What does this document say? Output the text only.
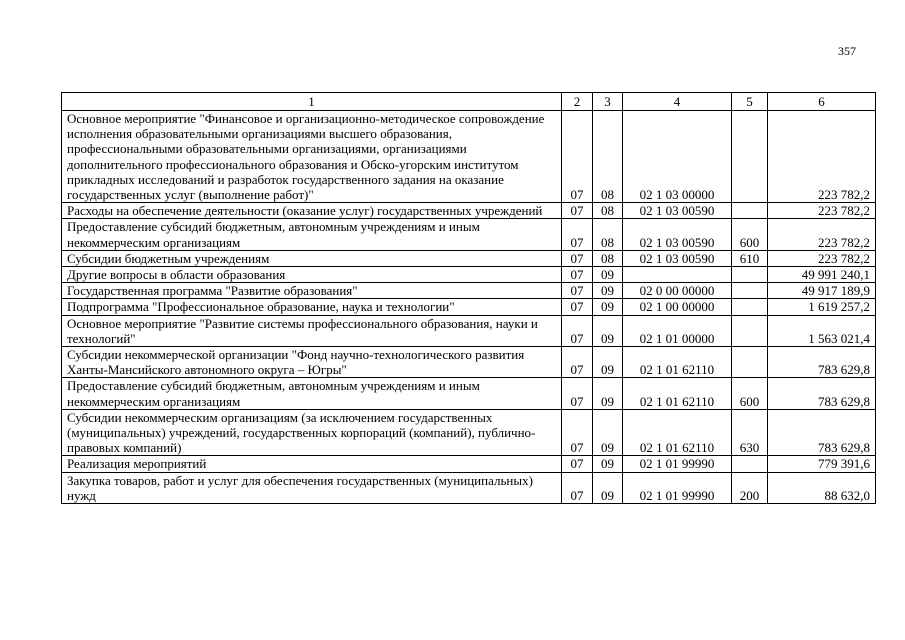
357
1	2	3	4	5	6
Основное мероприятие "Финансовое и организационно-методическое сопровождение исполнения образовательными организациями высшего образования, профессиональными образовательными организациями, организациями дополнительного профессионального образования и Обско-угорским институтом прикладных исследований и разработок государственного задания на оказание государственных услуг (выполнение работ)"	07	08	02 1 03 00000		223 782,2
Расходы на обеспечение деятельности (оказание услуг) государственных учреждений	07	08	02 1 03 00590		223 782,2
Предоставление субсидий бюджетным, автономным учреждениям и иным некоммерческим организациям	07	08	02 1 03 00590	600	223 782,2
Субсидии бюджетным учреждениям	07	08	02 1 03 00590	610	223 782,2
Другие вопросы в области образования	07	09			49 991 240,1
Государственная программа "Развитие образования"	07	09	02 0 00 00000		49 917 189,9
Подпрограмма "Профессиональное образование, наука и технологии"	07	09	02 1 00 00000		1 619 257,2
Основное мероприятие "Развитие системы профессионального образования, науки и технологий"	07	09	02 1 01 00000		1 563 021,4
Субсидии некоммерческой организации "Фонд научно-технологического развития Ханты-Мансийского автономного округа – Югры"	07	09	02 1 01 62110		783 629,8
Предоставление субсидий бюджетным, автономным учреждениям и иным некоммерческим организациям	07	09	02 1 01 62110	600	783 629,8
Субсидии некоммерческим организациям (за исключением государственных (муниципальных) учреждений, государственных корпораций (компаний), публично-правовых компаний)	07	09	02 1 01 62110	630	783 629,8
Реализация мероприятий	07	09	02 1 01 99990		779 391,6
Закупка товаров, работ и услуг для обеспечения государственных (муниципальных) нужд	07	09	02 1 01 99990	200	88 632,0
